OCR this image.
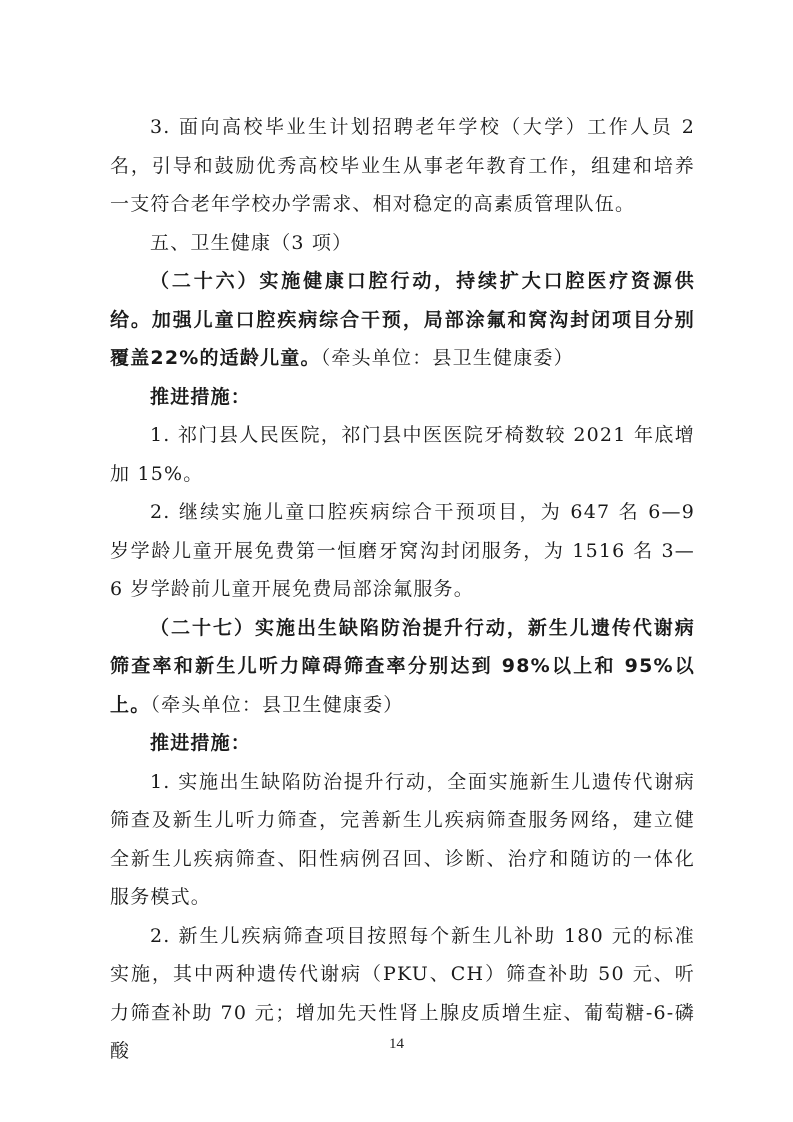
3. 面向高校毕业生计划招聘老年学校（大学）工作人员 2 名，引导和鼓励优秀高校毕业生从事老年教育工作，组建和培养一支符合老年学校办学需求、相对稳定的高素质管理队伍。

五、卫生健康（3 项）

（二十六）实施健康口腔行动，持续扩大口腔医疗资源供给。加强儿童口腔疾病综合干预，局部涂氟和窝沟封闭项目分别覆盖22%的适龄儿童。（牵头单位：县卫生健康委）

推进措施：

1. 祁门县人民医院，祁门县中医医院牙椅数较 2021 年底增加 15%。

2. 继续实施儿童口腔疾病综合干预项目，为 647 名 6—9 岁学龄儿童开展免费第一恒磨牙窝沟封闭服务，为 1516 名 3—6 岁学龄前儿童开展免费局部涂氟服务。

（二十七）实施出生缺陷防治提升行动，新生儿遗传代谢病筛查率和新生儿听力障碍筛查率分别达到 98%以上和 95%以上。（牵头单位：县卫生健康委）

推进措施：

1. 实施出生缺陷防治提升行动，全面实施新生儿遗传代谢病筛查及新生儿听力筛查，完善新生儿疾病筛查服务网络，建立健全新生儿疾病筛查、阳性病例召回、诊断、治疗和随访的一体化服务模式。

2. 新生儿疾病筛查项目按照每个新生儿补助 180 元的标准实施，其中两种遗传代谢病（PKU、CH）筛查补助 50 元、听力筛查补助 70 元；增加先天性肾上腺皮质增生症、葡萄糖-6-磷酸	14
